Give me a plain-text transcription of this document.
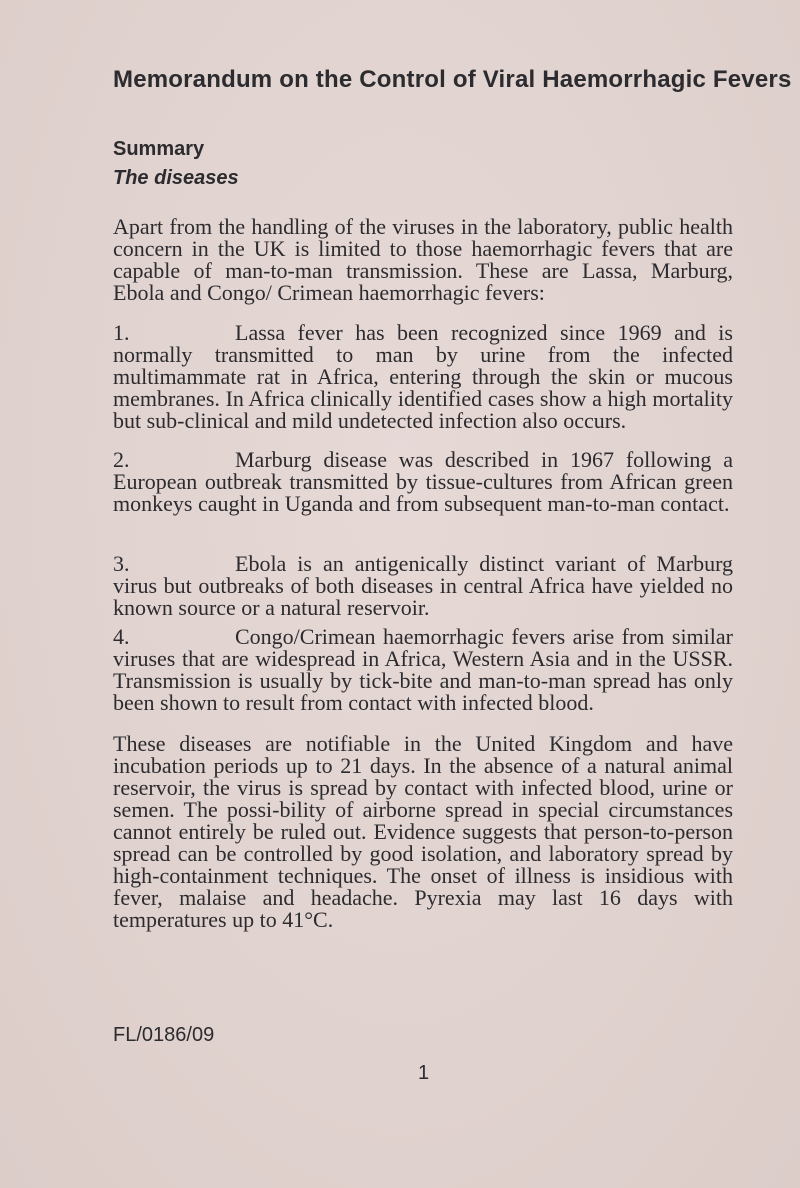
Memorandum on the Control of Viral Haemorrhagic Fevers
Summary
The diseases

Apart from the handling of the viruses in the laboratory, public health concern in the UK is limited to those haemorrhagic fevers that are capable of man-to-man transmission. These are Lassa, Marburg, Ebola and Congo/ Crimean haemorrhagic fevers:

1.	Lassa fever has been recognized since 1969 and is normally transmitted to man by urine from the infected multimammate rat in Africa, entering through the skin or mucous membranes. In Africa clinically identified cases show a high mortality but sub-clinical and mild undetected infection also occurs.

2.	Marburg disease was described in 1967 following a European outbreak transmitted by tissue-cultures from African green monkeys caught in Uganda and from subsequent man-to-man contact.

3.	Ebola is an antigenically distinct variant of Marburg virus but outbreaks of both diseases in central Africa have yielded no known source or a natural reservoir.

4.	Congo/Crimean haemorrhagic fevers arise from similar viruses that are widespread in Africa, Western Asia and in the USSR. Transmission is usually by tick-bite and man-to-man spread has only been shown to result from contact with infected blood.

These diseases are notifiable in the United Kingdom and have incubation periods up to 21 days. In the absence of a natural animal reservoir, the virus is spread by contact with infected blood, urine or semen. The possi-bility of airborne spread in special circumstances cannot entirely be ruled out. Evidence suggests that person-to-person spread can be controlled by good isolation, and laboratory spread by high-containment techniques. The onset of illness is insidious with fever, malaise and headache. Pyrexia may last 16 days with temperatures up to 41°C.

FL/0186/09

1
